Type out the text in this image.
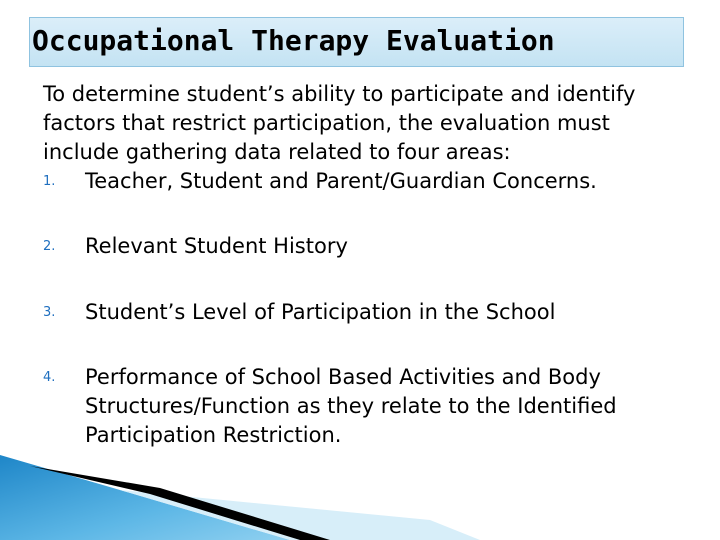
Occupational Therapy Evaluation
To determine student’s ability to participate and identify factors that restrict participation, the evaluation must include gathering data related to four areas:
1. Teacher, Student and Parent/Guardian Concerns.
2. Relevant Student History
3. Student’s Level of Participation in the School
4. Performance of School Based Activities and Body Structures/Function as they relate to the Identified Participation Restriction.
